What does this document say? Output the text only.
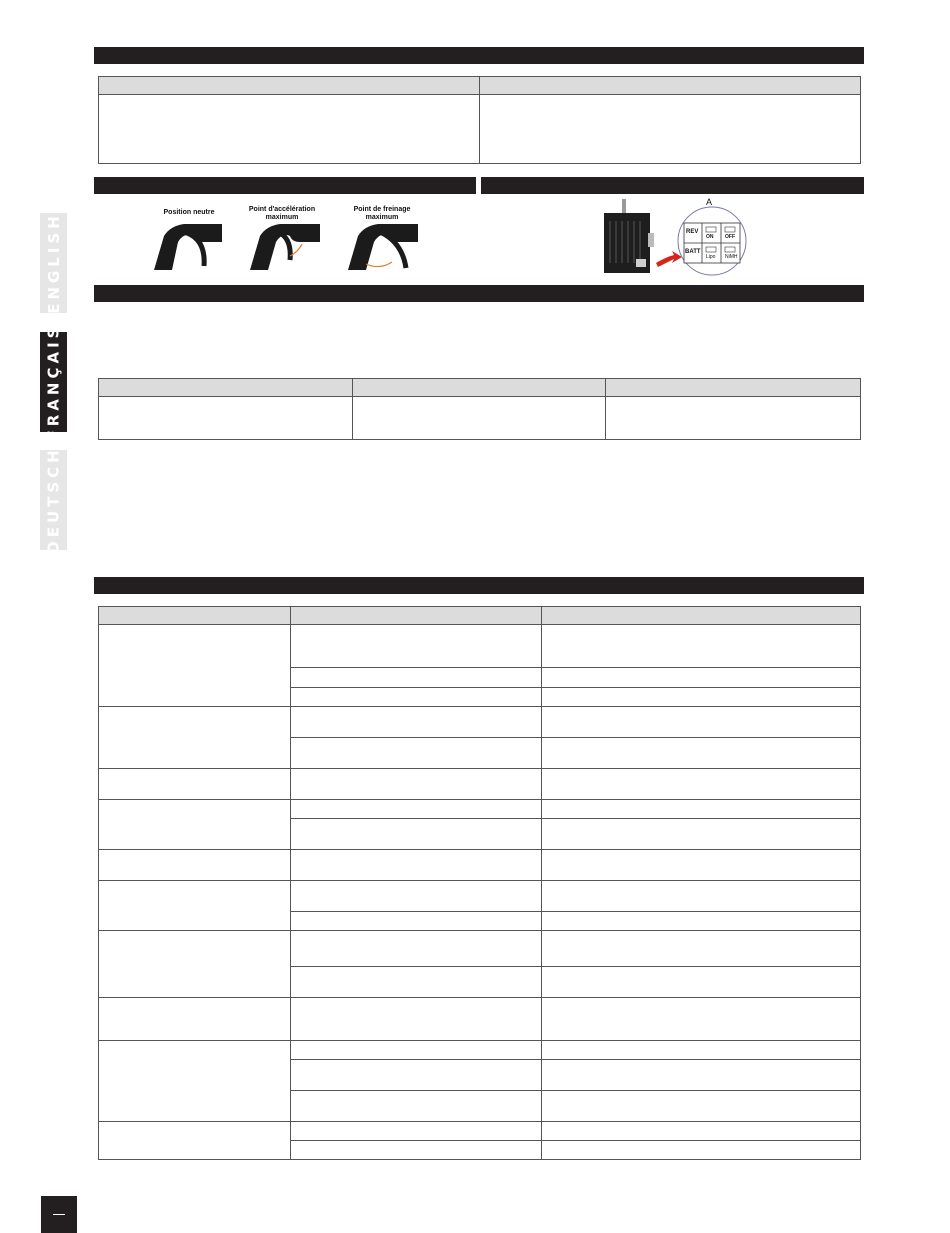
ENGLISH
FRANÇAIS
DEUTSCH

Position neutre	Point d'accélération
maximum
Point de freinage
maximum
A
REV
BATT
ON OFF
Lipo NiMH
